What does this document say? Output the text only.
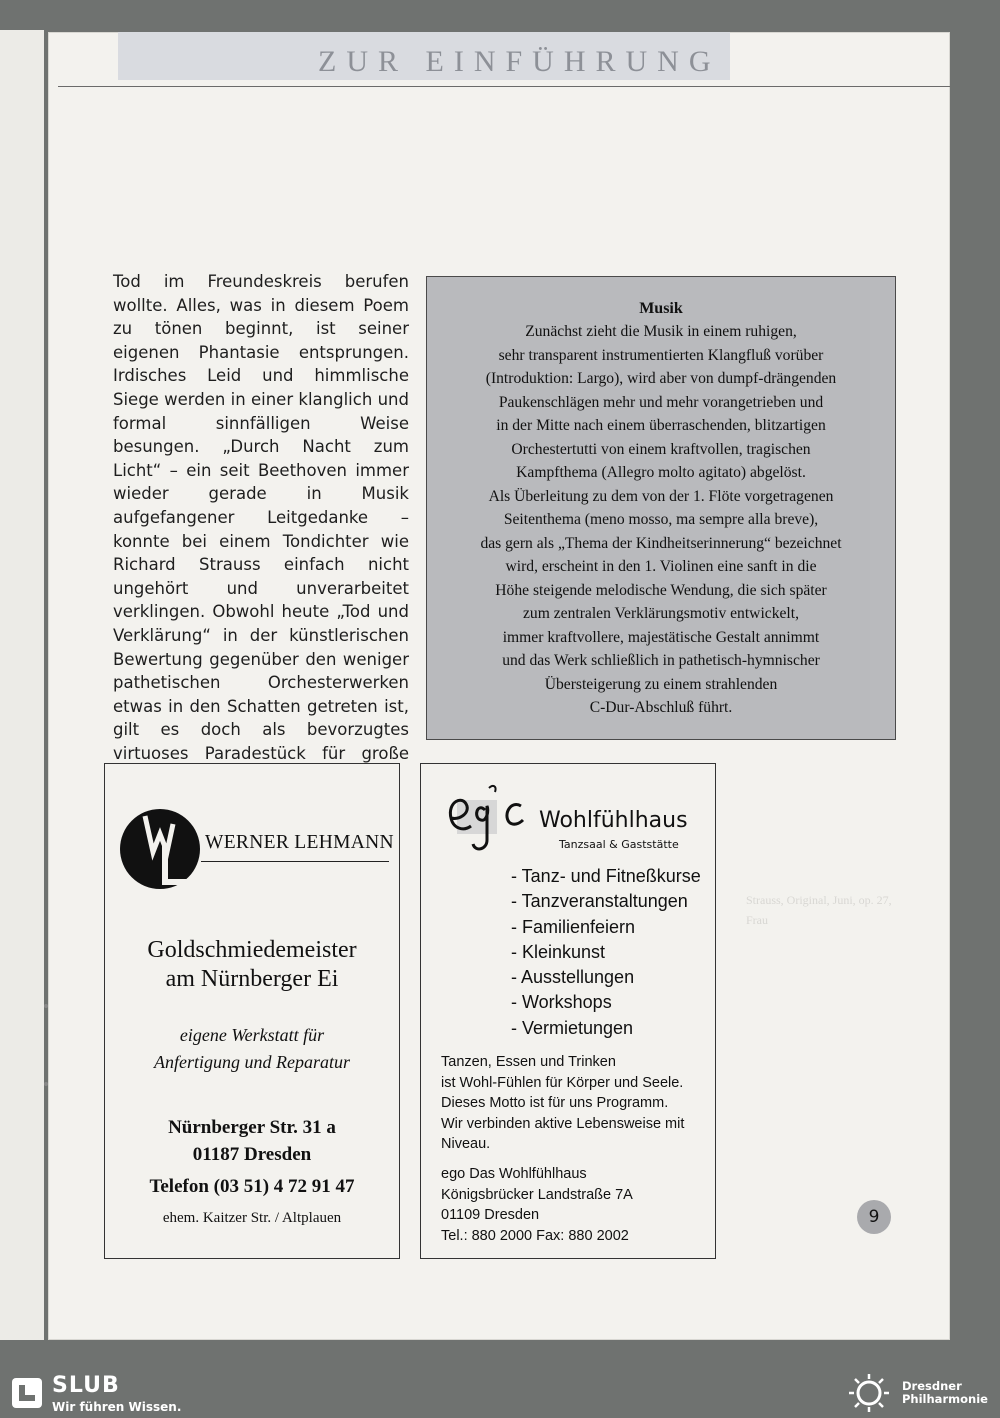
ZUR EINFÜHRUNG

Tod im Freundeskreis berufen wollte. Alles, was in diesem Poem zu tönen beginnt, ist seiner eigenen Phantasie entsprungen. Irdisches Leid und himmlische Siege werden in einer klanglich und formal sinnfälligen Weise besungen. „Durch Nacht zum Licht“ – ein seit Beethoven immer wieder gerade in Musik aufgefangener Leitgedanke – konnte bei einem Tondichter wie Richard Strauss einfach nicht ungehört und unverarbeitet verklingen. Obwohl heute „Tod und Verklärung“ in der künstlerischen Bewertung gegenüber den weniger pathetischen Orchesterwerken etwas in den Schatten getreten ist, gilt es doch als bevorzugtes virtuoses Paradestück für große

Musik

Zunächst zieht die Musik in einem ruhigen,

sehr transparent instrumentierten Klangfluß vorüber

(Introduktion: Largo), wird aber von dumpf-drängenden

Paukenschlägen mehr und mehr vorangetrieben und

in der Mitte nach einem überraschenden, blitzartigen

Orchestertutti von einem kraftvollen, tragischen

Kampfthema (Allegro molto agitato) abgelöst.

Als Überleitung zu dem von der 1. Flöte vorgetragenen

Seitenthema (meno mosso, ma sempre alla breve),

das gern als „Thema der Kindheitserinnerung“ bezeichnet

wird, erscheint in den 1. Violinen eine sanft in die

Höhe steigende melodische Wendung, die sich später

zum zentralen Verklärungsmotiv entwickelt,

immer kraftvollere, majestätische Gestalt annimmt

und das Werk schließlich in pathetisch-hymnischer

Übersteigerung zu einem strahlenden

C-Dur-Abschluß führt.

WERNER LEHMANN
Goldschmiedemeister
am Nürnberger Ei
eigene Werkstatt für
Anfertigung und Reparatur
Nürnberger Str. 31 a
01187 Dresden
Telefon (03 51) 4 72 91 47
ehem. Kaitzer Str. / Altplauen
Wohlfühlhaus
Tanzsaal & Gaststätte
- Tanz- und Fitneßkurse
- Tanzveranstaltungen
- Familienfeiern
- Kleinkunst
- Ausstellungen
- Workshops
- Vermietungen
Tanzen, Essen und Trinken
ist Wohl-Fühlen für Körper und Seele.
Dieses Motto ist für uns Programm.
Wir verbinden aktive Lebensweise mit
Niveau.
ego Das Wohlfühlhaus
Königsbrücker Landstraße 7A
01109 Dresden
Tel.: 880 2000 Fax: 880 2002
Strauss, Original, Juni, op. 27, Frau
9
SLUB
Wir führen Wissen.
Dresdner
Philharmonie
